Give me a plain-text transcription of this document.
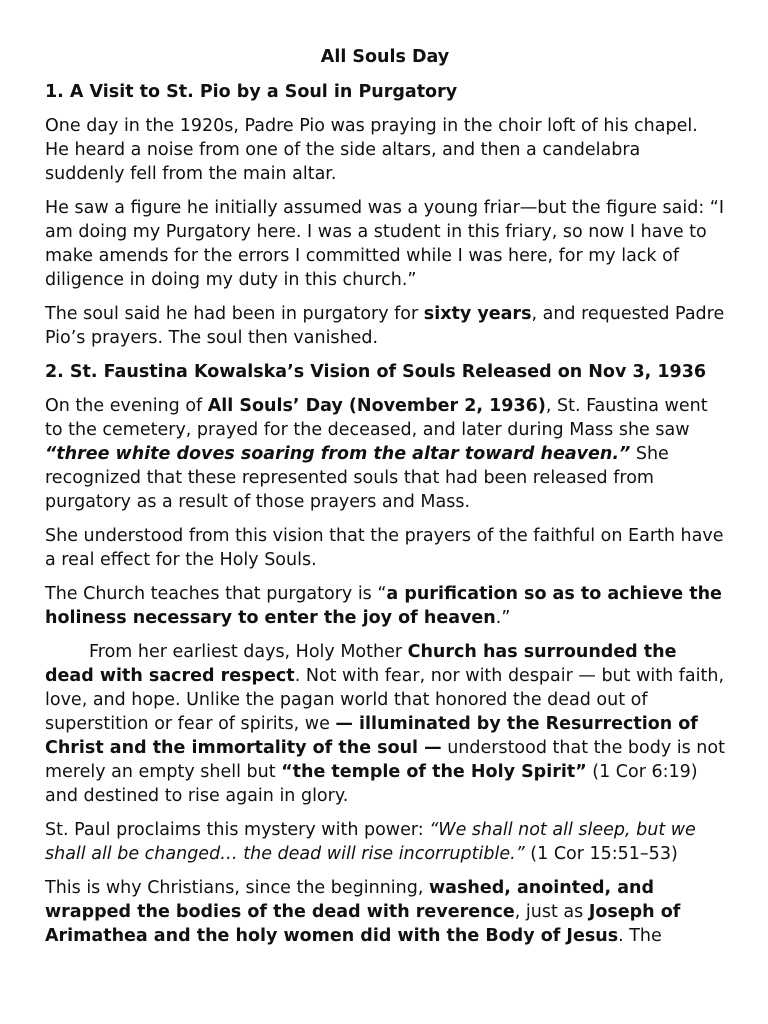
All Souls Day

1. A Visit to St. Pio by a Soul in Purgatory

One day in the 1920s, Padre Pio was praying in the choir loft of his chapel. He heard a noise from one of the side altars, and then a candelabra suddenly fell from the main altar.

He saw a figure he initially assumed was a young friar—but the figure said: “I am doing my Purgatory here. I was a student in this friary, so now I have to make amends for the errors I committed while I was here, for my lack of diligence in doing my duty in this church.”

The soul said he had been in purgatory for sixty years, and requested Padre Pio’s prayers. The soul then vanished.

2. St. Faustina Kowalska’s Vision of Souls Released on Nov 3, 1936

On the evening of All Souls’ Day (November 2, 1936), St. Faustina went to the cemetery, prayed for the deceased, and later during Mass she saw “three white doves soaring from the altar toward heaven.” She recognized that these represented souls that had been released from purgatory as a result of those prayers and Mass.

She understood from this vision that the prayers of the faithful on Earth have a real effect for the Holy Souls.

The Church teaches that purgatory is “a purification so as to achieve the holiness necessary to enter the joy of heaven.”

From her earliest days, Holy Mother Church has surrounded the dead with sacred respect. Not with fear, nor with despair — but with faith, love, and hope. Unlike the pagan world that honored the dead out of superstition or fear of spirits, we — illuminated by the Resurrection of Christ and the immortality of the soul — understood that the body is not merely an empty shell but “the temple of the Holy Spirit” (1 Cor 6:19) and destined to rise again in glory.

St. Paul proclaims this mystery with power: “We shall not all sleep, but we shall all be changed… the dead will rise incorruptible.” (1 Cor 15:51–53)

This is why Christians, since the beginning, washed, anointed, and wrapped the bodies of the dead with reverence, just as Joseph of Arimathea and the holy women did with the Body of Jesus. The
